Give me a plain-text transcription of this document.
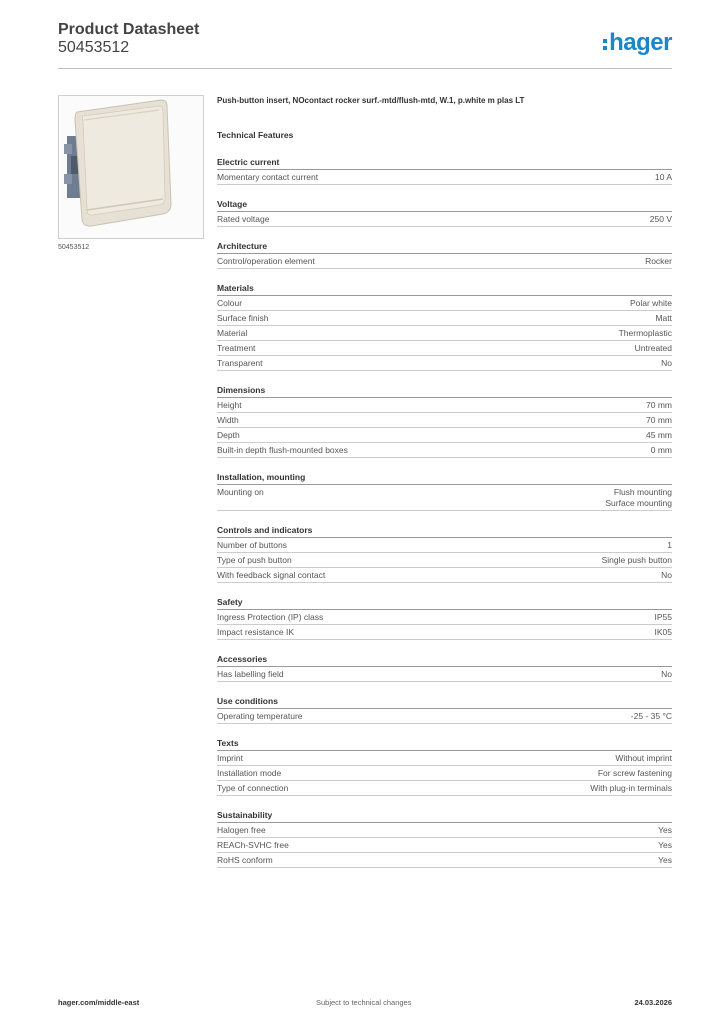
Product Datasheet
50453512	hager
50453512
Push-button insert, NOcontact rocker surf.-mtd/flush-mtd, W.1, p.white m plas LT
Technical Features
Electric current
Momentary contact current	10 A
Voltage
Rated voltage	250 V
Architecture
Control/operation element	Rocker
Materials
Colour	Polar white
Surface finish	Matt
Material	Thermoplastic
Treatment	Untreated
Transparent	No
Dimensions
Height	70 mm
Width	70 mm
Depth	45 mm
Built-in depth flush-mounted boxes	0 mm
Installation, mounting
Mounting on	Flush mounting
Surface mounting
Controls and indicators
Number of buttons	1
Type of push button	Single push button
With feedback signal contact	No
Safety
Ingress Protection (IP) class	IP55
Impact resistance IK	IK05
Accessories
Has labelling field	No
Use conditions
Operating temperature	-25 - 35 °C
Texts
Imprint	Without imprint
Installation mode	For screw fastening
Type of connection	With plug-in terminals
Sustainability
Halogen free	Yes
REACh-SVHC free	Yes
RoHS conform	Yes
hager.com/middle-east	Subject to technical changes	24.03.2026
